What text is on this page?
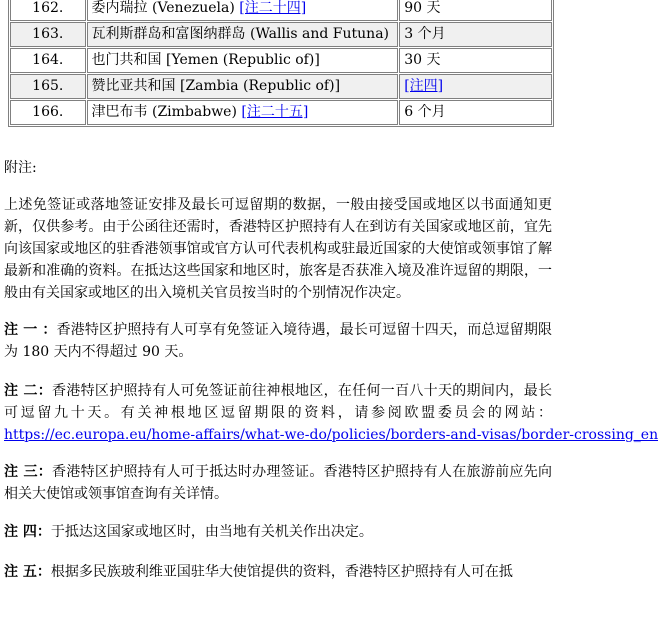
162.	委内瑞拉 (Venezuela) [注二十四]	90 天
163.	瓦利斯群岛和富图纳群岛 (Wallis and Futuna)	3 个月
164.	也门共和国 [Yemen (Republic of)]	30 天
165.	赞比亚共和国 [Zambia (Republic of)]	[注四]
166.	津巴布韦 (Zimbabwe) [注二十五]	6 个月
附注:
上述免签证或落地签证安排及最长可逗留期的数据，一般由接受国或地区以书面通知更新，仅供参考。由于公函往还需时，香港特区护照持有人在到访有关国家或地区前，宜先向该国家或地区的驻香港领事馆或官方认可代表机构或驻最近国家的大使馆或领事馆了解最新和准确的资料。在抵达这些国家和地区时，旅客是否获准入境及准许逗留的期限，一般由有关国家或地区的出入境机关官员按当时的个别情况作决定。
注 一 ：香港特区护照持有人可享有免签证入境待遇，最长可逗留十四天，而总逗留期限为 180 天内不得超过 90 天。
注 二：香港特区护照持有人可免签证前往神根地区，在任何一百八十天的期间内，最长可逗留九十天。有关神根地区逗留期限的资料，请参阅欧盟委员会的网站：https://ec.europa.eu/home-affairs/what-we-do/policies/borders-and-visas/border-crossing_en
注 三：香港特区护照持有人可于抵达时办理签证。香港特区护照持有人在旅游前应先向相关大使馆或领事馆查询有关详情。
注 四：于抵达这国家或地区时，由当地有关机关作出决定。
注 五：根据多民族玻利维亚国驻华大使馆提供的资料，香港特区护照持有人可在抵
